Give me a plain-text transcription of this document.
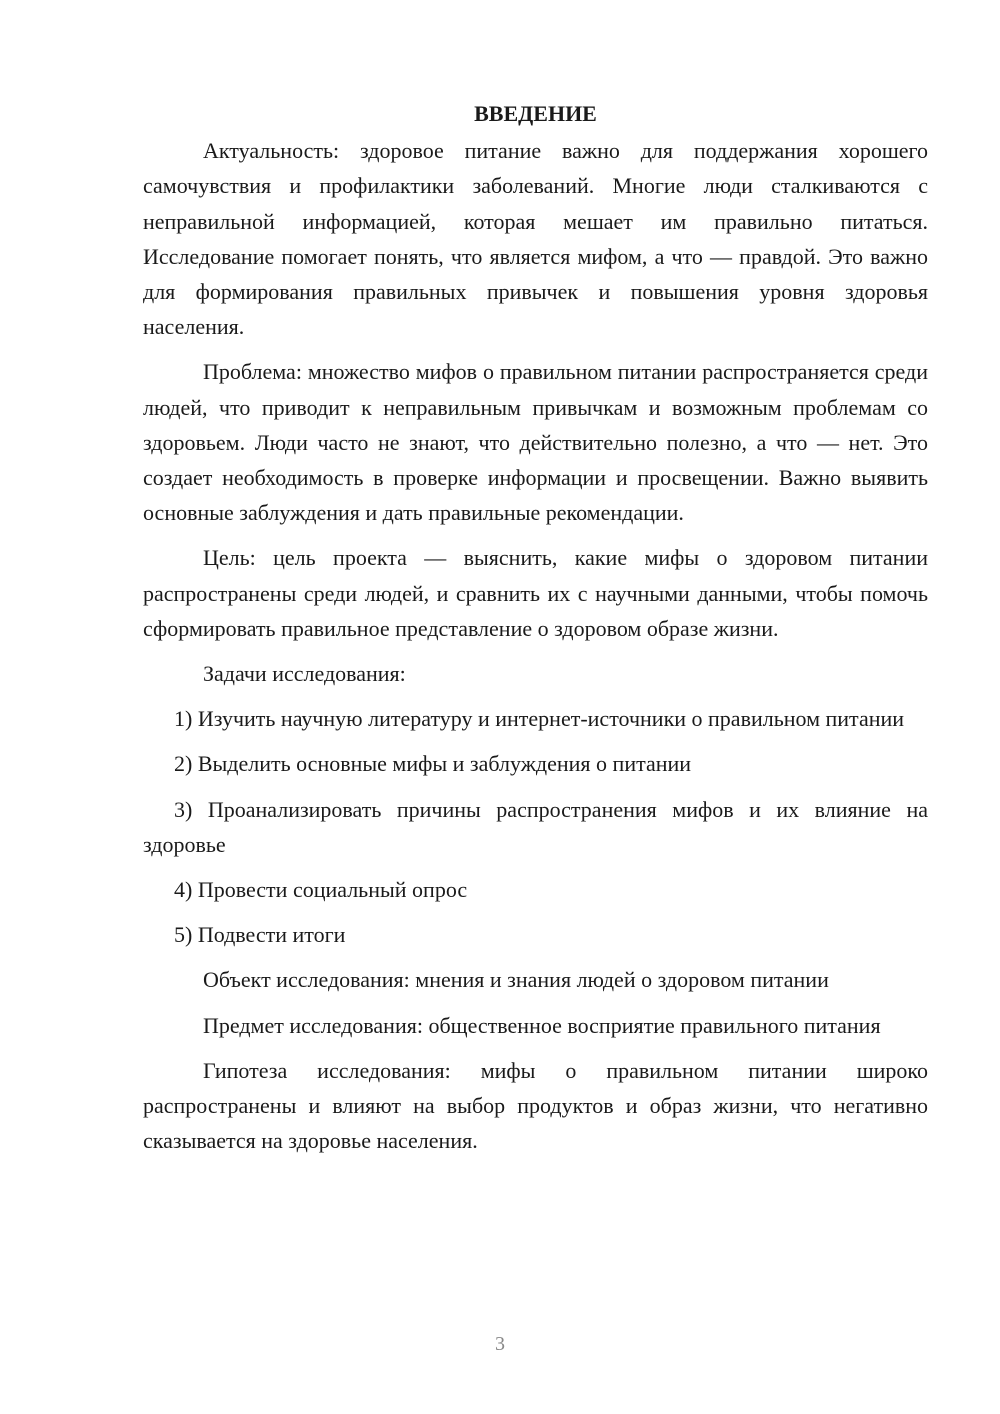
ВВЕДЕНИЕ

Актуальность: здоровое питание важно для поддержания хорошего самочувствия и профилактики заболеваний. Многие люди сталкиваются с неправильной информацией, которая мешает им правильно питаться. Исследование помогает понять, что является мифом, а что — правдой. Это важно для формирования правильных привычек и повышения уровня здоровья населения.

Проблема: множество мифов о правильном питании распространяется среди людей, что приводит к неправильным привычкам и возможным проблемам со здоровьем. Люди часто не знают, что действительно полезно, а что — нет. Это создает необходимость в проверке информации и просвещении. Важно выявить основные заблуждения и дать правильные рекомендации.

Цель: цель проекта — выяснить, какие мифы о здоровом питании распространены среди людей, и сравнить их с научными данными, чтобы помочь сформировать правильное представление о здоровом образе жизни.

Задачи исследования:

1) Изучить научную литературу и интернет-источники о правильном питании

2) Выделить основные мифы и заблуждения о питании

3) Проанализировать причины распространения мифов и их влияние на здоровье

4) Провести социальный опрос

5) Подвести итоги

Объект исследования: мнения и знания людей о здоровом питании

Предмет исследования: общественное восприятие правильного питания

Гипотеза исследования: мифы о правильном питании широко распространены и влияют на выбор продуктов и образ жизни, что негативно сказывается на здоровье населения.

3
